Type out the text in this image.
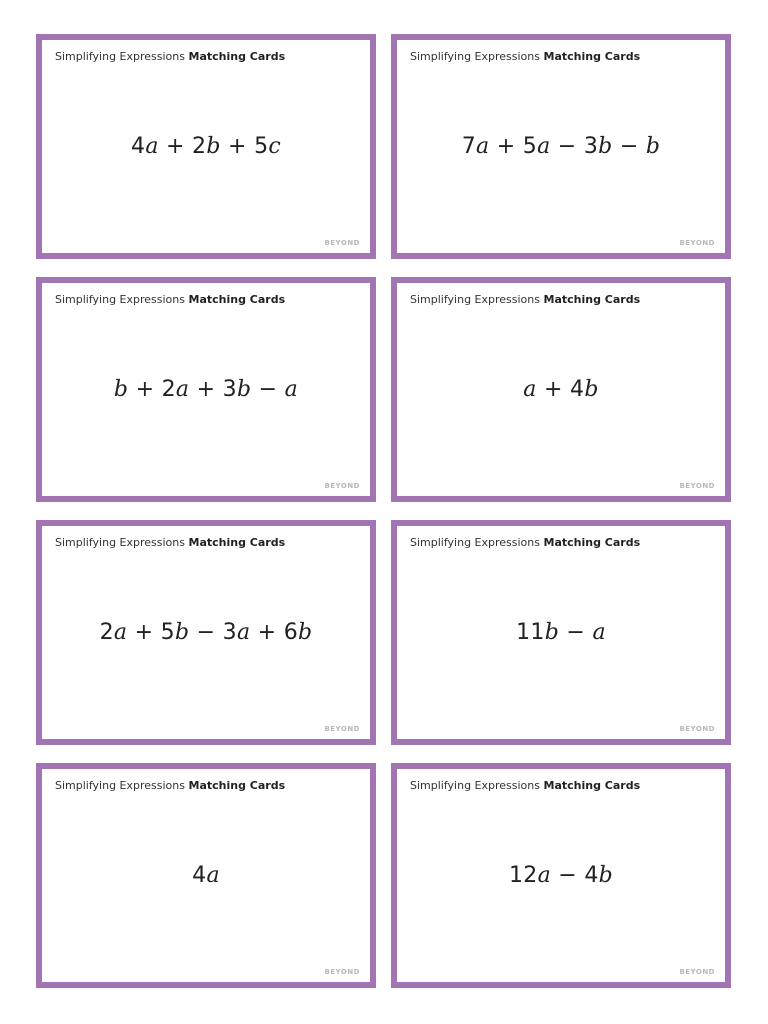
Simplifying Expressions Matching Cards
4 a + 2 b + 5 c
BEYOND
Simplifying Expressions Matching Cards
7 a + 5 a − 3 b − b
BEYOND
Simplifying Expressions Matching Cards
b + 2 a + 3 b − a
BEYOND
Simplifying Expressions Matching Cards
a + 4 b
BEYOND
Simplifying Expressions Matching Cards
2 a + 5 b − 3 a + 6 b
BEYOND
Simplifying Expressions Matching Cards
11 b − a
BEYOND
Simplifying Expressions Matching Cards
4 a
BEYOND
Simplifying Expressions Matching Cards
12 a − 4 b
BEYOND
